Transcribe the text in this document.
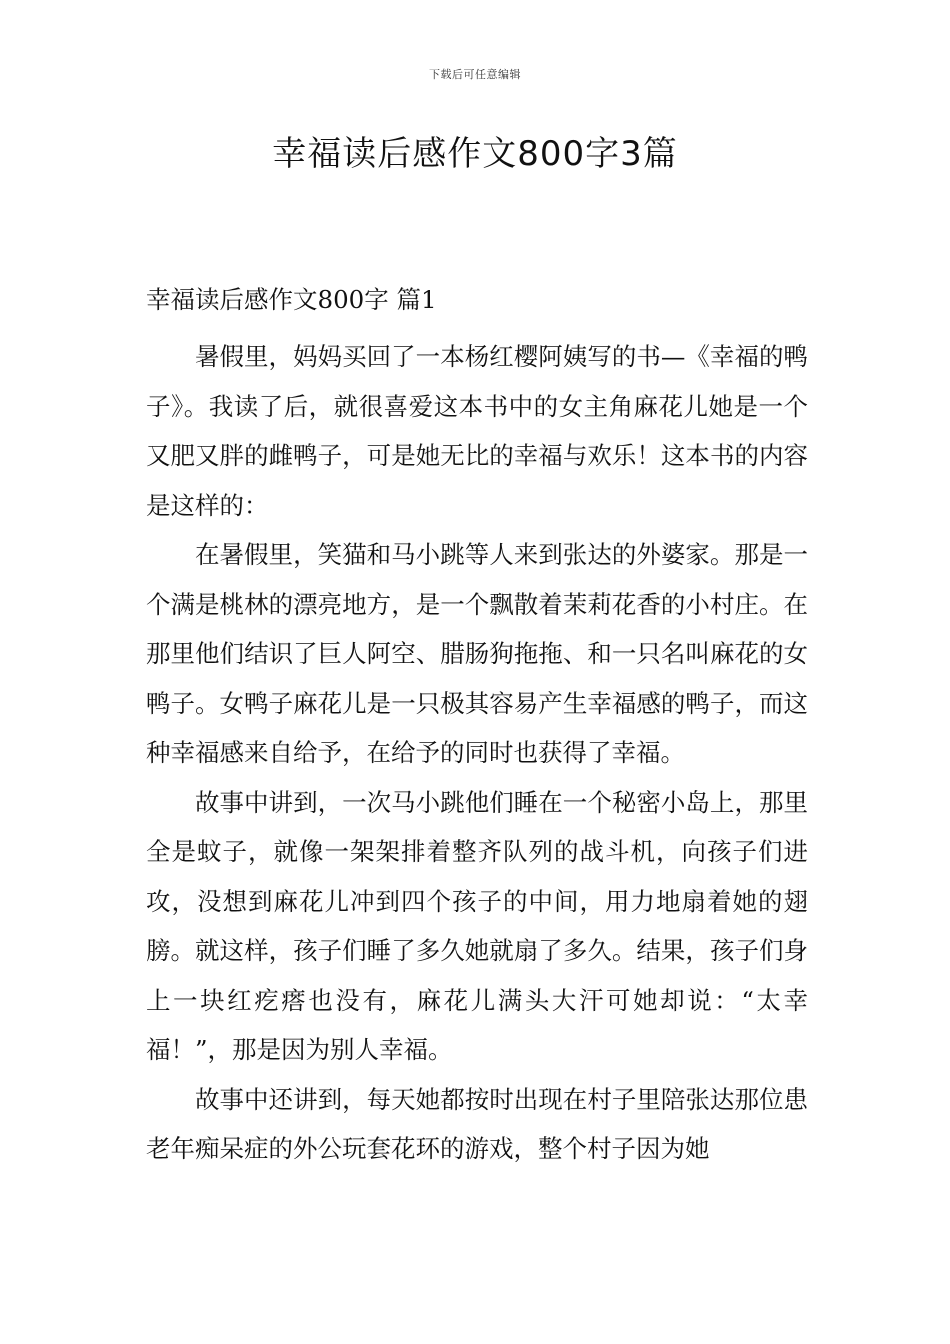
下载后可任意编辑
幸福读后感作文800字3篇
幸福读后感作文800字 篇1

暑假里，妈妈买回了一本杨红樱阿姨写的书—《幸福的鸭子》。我读了后，就很喜爱这本书中的女主角麻花儿她是一个又肥又胖的雌鸭子，可是她无比的幸福与欢乐！这本书的内容是这样的：

在暑假里，笑猫和马小跳等人来到张达的外婆家。那是一个满是桃林的漂亮地方，是一个飘散着茉莉花香的小村庄。在那里他们结识了巨人阿空、腊肠狗拖拖、和一只名叫麻花的女鸭子。女鸭子麻花儿是一只极其容易产生幸福感的鸭子，而这种幸福感来自给予，在给予的同时也获得了幸福。

故事中讲到，一次马小跳他们睡在一个秘密小岛上，那里全是蚊子，就像一架架排着整齐队列的战斗机，向孩子们进攻，没想到麻花儿冲到四个孩子的中间，用力地扇着她的翅膀。就这样，孩子们睡了多久她就扇了多久。结果，孩子们身上一块红疙瘩也没有，麻花儿满头大汗可她却说：“太幸福！”，那是因为别人幸福。

故事中还讲到，每天她都按时出现在村子里陪张达那位患老年痴呆症的外公玩套花环的游戏，整个村子因为她
